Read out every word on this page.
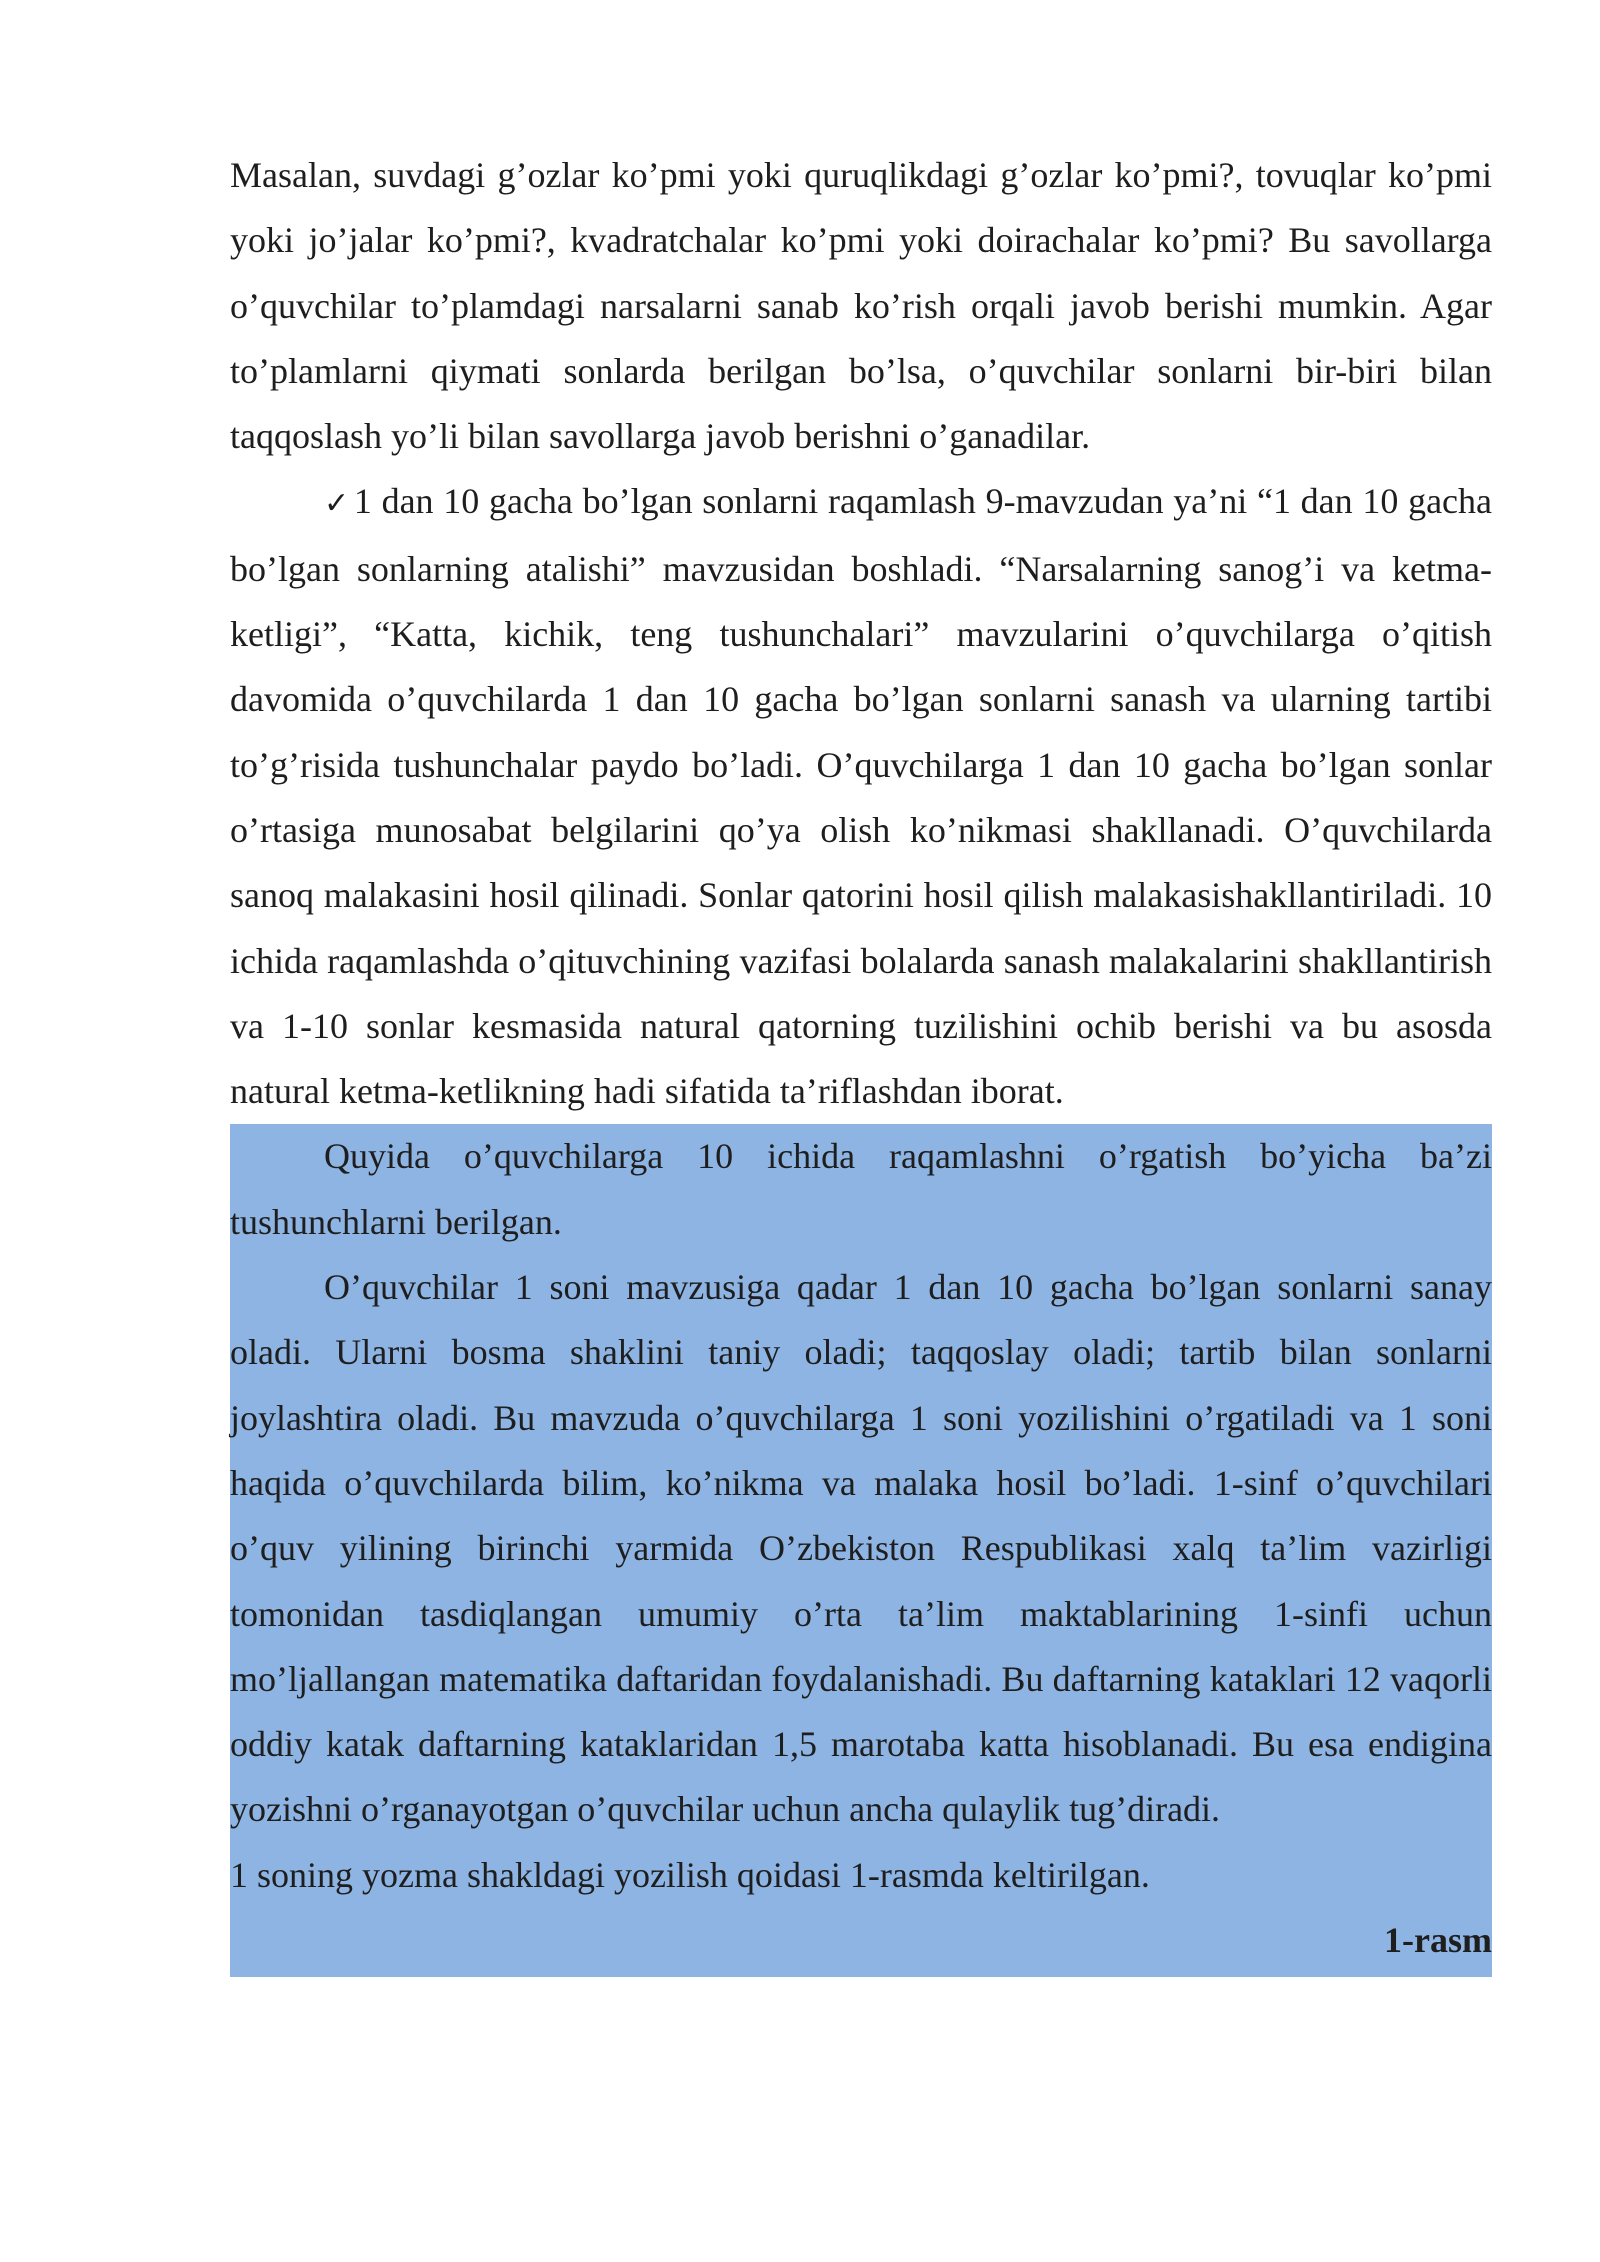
Masalan, suvdagi g’ozlar ko’pmi yoki quruqlikdagi g’ozlar ko’pmi?, tovuqlar ko’pmi yoki jo’jalar ko’pmi?, kvadratchalar ko’pmi yoki doirachalar ko’pmi? Bu savollarga o’quvchilar to’plamdagi narsalarni sanab ko’rish orqali javob berishi mumkin. Agar to’plamlarni qiymati sonlarda berilgan bo’lsa, o’quvchilar sonlarni bir-biri bilan taqqoslash yo’li bilan savollarga javob berishni o’ganadilar.

✓ 1 dan 10 gacha bo’lgan sonlarni raqamlash 9-mavzudan ya’ni “1 dan 10 gacha bo’lgan sonlarning atalishi” mavzusidan boshladi. “Narsalarning sanog’i va ketma-ketligi”, “Katta, kichik, teng tushunchalari” mavzularini o’quvchilarga o’qitish davomida o’quvchilarda 1 dan 10 gacha bo’lgan sonlarni sanash va ularning tartibi to’g’risida tushunchalar paydo bo’ladi. O’quvchilarga 1 dan 10 gacha bo’lgan sonlar o’rtasiga munosabat belgilarini qo’ya olish ko’nikmasi shakllanadi. O’quvchilarda sanoq malakasini hosil qilinadi. Sonlar qatorini hosil qilish malakasishakllantiriladi. 10 ichida raqamlashda o’qituvchining vazifasi bolalarda sanash malakalarini shakllantirish va 1-10 sonlar kesmasida natural qatorning tuzilishini ochib berishi va bu asosda natural ketma-ketlikning hadi sifatida ta’riflashdan iborat.

Quyida o’quvchilarga 10 ichida raqamlashni o’rgatish bo’yicha ba’zi tushunchlarni berilgan.

O’quvchilar 1 soni mavzusiga qadar 1 dan 10 gacha bo’lgan sonlarni sanay oladi. Ularni bosma shaklini taniy oladi; taqqoslay oladi; tartib bilan sonlarni joylashtira oladi. Bu mavzuda o’quvchilarga 1 soni yozilishini o’rgatiladi va 1 soni haqida o’quvchilarda bilim, ko’nikma va malaka hosil bo’ladi. 1-sinf o’quvchilari o’quv yilining birinchi yarmida O’zbekiston Respublikasi xalq ta’lim vazirligi tomonidan tasdiqlangan umumiy o’rta ta’lim maktablarining 1-sinfi uchun mo’ljallangan matematika daftaridan foydalanishadi. Bu daftarning kataklari 12 vaqorli oddiy katak daftarning kataklaridan 1,5 marotaba katta hisoblanadi. Bu esa endigina yozishni o’rganayotgan o’quvchilar uchun ancha qulaylik tug’diradi.

1 soning yozma shakldagi yozilish qoidasi 1-rasmda keltirilgan.

1-rasm
